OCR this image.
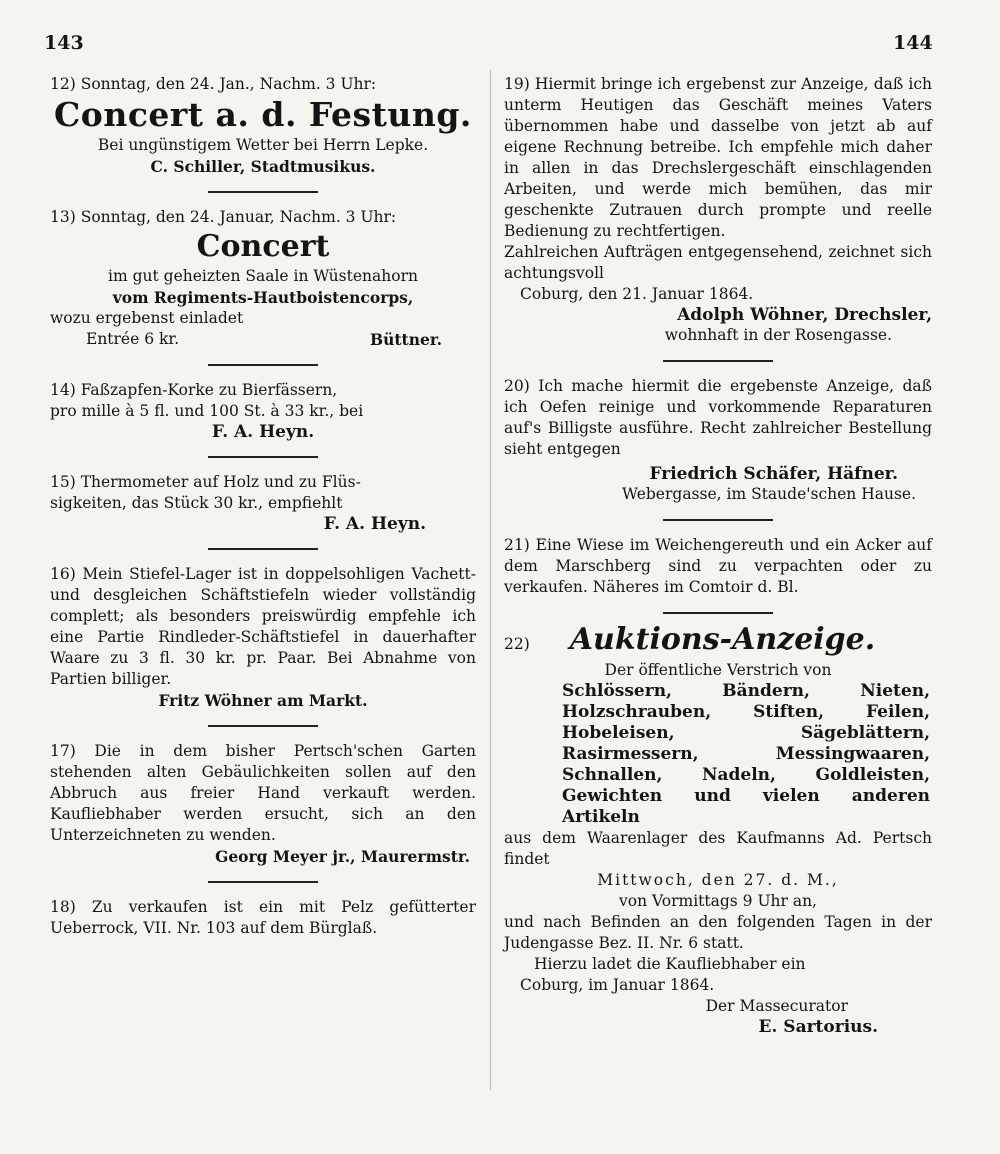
143	144

12) Sonntag, den 24. Jan., Nachm. 3 Uhr:

Concert a. d. Festung.

Bei ungünstigem Wetter bei Herrn Lepke.

C. Schiller, Stadtmusikus.

13) Sonntag, den 24. Januar, Nachm. 3 Uhr:

Concert

im gut geheizten Saale in Wüstenahorn

vom Regiments-Hautboistencorps,

wozu ergebenst einladet

Entrée 6 kr.	Büttner.

14) Faßzapfen-Korke zu Bierfässern,

pro mille à 5 fl. und 100 St. à 33 kr., bei

F. A. Heyn.

15) Thermometer auf Holz und zu Flüs-

sigkeiten, das Stück 30 kr., empfiehlt

F. A. Heyn.

16) Mein Stiefel-Lager ist in doppelsohligen Vachett- und desgleichen Schäftstiefeln wieder vollständig complett; als besonders preiswürdig empfehle ich eine Partie Rindleder-Schäftstiefel in dauerhafter Waare zu 3 fl. 30 kr. pr. Paar. Bei Abnahme von Partien billiger.

Fritz Wöhner am Markt.

17) Die in dem bisher Pertsch'schen Garten stehenden alten Gebäulichkeiten sollen auf den Abbruch aus freier Hand verkauft werden. Kaufliebhaber werden ersucht, sich an den Unterzeichneten zu wenden.

Georg Meyer jr., Maurermstr.

18) Zu verkaufen ist ein mit Pelz gefütterter Ueberrock, VII. Nr. 103 auf dem Bürglaß.

19) Hiermit bringe ich ergebenst zur Anzeige, daß ich unterm Heutigen das Geschäft meines Vaters übernommen habe und dasselbe von jetzt ab auf eigene Rechnung betreibe. Ich empfehle mich daher in allen in das Drechslergeschäft einschlagenden Arbeiten, und werde mich bemühen, das mir geschenkte Zutrauen durch prompte und reelle Bedienung zu rechtfertigen.

Zahlreichen Aufträgen entgegensehend, zeichnet sich achtungsvoll

Coburg, den 21. Januar 1864.

Adolph Wöhner, Drechsler,

wohnhaft in der Rosengasse.

20) Ich mache hiermit die ergebenste Anzeige, daß ich Oefen reinige und vorkommende Reparaturen auf's Billigste ausführe. Recht zahlreicher Bestellung sieht entgegen

Friedrich Schäfer, Häfner.

Webergasse, im Staude'schen Hause.

21) Eine Wiese im Weichengereuth und ein Acker auf dem Marschberg sind zu verpachten oder zu verkaufen. Näheres im Comtoir d. Bl.

22) Auktions-Anzeige.

Der öffentliche Verstrich von

Schlössern, Bändern, Nieten, Holzschrauben, Stiften, Feilen, Hobeleisen, Sägeblättern, Rasirmessern, Messingwaaren, Schnallen, Nadeln, Goldleisten, Gewichten und vielen anderen Artikeln

aus dem Waarenlager des Kaufmanns Ad. Pertsch findet

Mittwoch, den 27. d. M.,

von Vormittags 9 Uhr an,

und nach Befinden an den folgenden Tagen in der Judengasse Bez. II. Nr. 6 statt.

Hierzu ladet die Kaufliebhaber ein

Coburg, im Januar 1864.

Der Massecurator

E. Sartorius.
